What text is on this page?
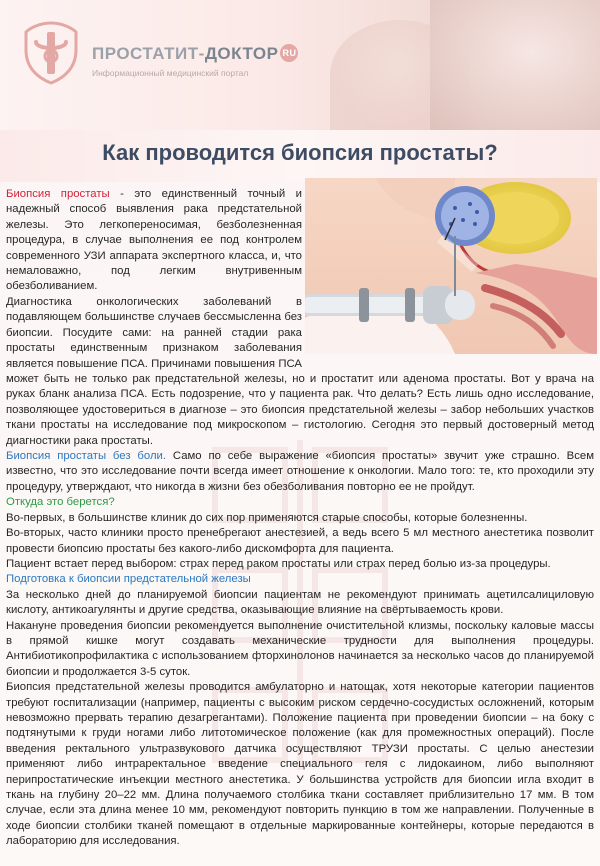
ПРОСТАТИТ-ДОКТОР RU
Информационный медицинский портал
Как проводится биопсия простаты?

Биопсия простаты - это единственный точный и надежный способ выявления рака предстательной железы. Это легкопереносимая, безболезненная процедура, в случае выполнения ее под контролем современного УЗИ аппарата экспертного класса, и, что немаловажно, под легким внутривенным обезболиванием.

Диагностика онкологических заболеваний в подавляющем большинстве случаев бессмысленна без биопсии. Посудите сами: на ранней стадии рака простаты единственным признаком заболевания является повышение ПСА. Причинами повышения ПСА может быть не только рак предстательной железы, но и простатит или аденома простаты. Вот у врача на руках бланк анализа ПСА. Есть подозрение, что у пациента рак. Что делать? Есть лишь одно исследование, позволяющее удостовериться в диагнозе – это биопсия предстательной железы – забор небольших участков ткани простаты на исследование под микроскопом – гистологию. Сегодня это первый достоверный метод диагностики рака простаты.

Биопсия простаты без боли. Само по себе выражение «биопсия простаты» звучит уже страшно. Всем известно, что это исследование почти всегда имеет отношение к онкологии. Мало того: те, кто проходили эту процедуру, утверждают, что никогда в жизни без обезболивания повторно ее не пройдут.

Откуда это берется?

Во-первых, в большинстве клиник до сих пор применяются старые способы, которые болезненны.

Во-вторых, часто клиники просто пренебрегают анестезией, а ведь всего 5 мл местного анестетика позволит провести биопсию простаты без какого-либо дискомфорта для пациента.

Пациент встает перед выбором: страх перед раком простаты или страх перед болью из-за процедуры.

Подготовка к биопсии предстательной железы

За несколько дней до планируемой биопсии пациентам не рекомендуют принимать ацетилсалициловую кислоту, антикоагулянты и другие средства, оказывающие влияние на свёртываемость крови.

Накануне проведения биопсии рекомендуется выполнение очистительной клизмы, поскольку каловые массы в прямой кишке могут создавать механические трудности для выполнения процедуры. Антибиотикопрофилактика с использованием фторхинолонов начинается за несколько часов до планируемой биопсии и продолжается 3-5 суток.

Биопсия предстательной железы проводится амбулаторно и натощак, хотя некоторые категории пациентов требуют госпитализации (например, пациенты с высоким риском сердечно-сосудистых осложнений, которым невозможно прервать терапию дезагрегантами). Положение пациента при проведении биопсии – на боку с подтянутыми к груди ногами либо литотомическое положение (как для промежностных операций). После введения ректального ультразвукового датчика осуществляют ТРУЗИ простаты. С целью анестезии применяют либо интраректальное введение специального геля с лидокаином, либо выполняют перипростатические инъекции местного анестетика. У большинства устройств для биопсии игла входит в ткань на глубину 20–22 мм. Длина получаемого столбика ткани составляет приблизительно 17 мм. В том случае, если эта длина менее 10 мм, рекомендуют повторить пункцию в том же направлении. Полученные в ходе биопсии столбики тканей помещают в отдельные маркированные контейнеры, которые передаются в лабораторию для исследования.
